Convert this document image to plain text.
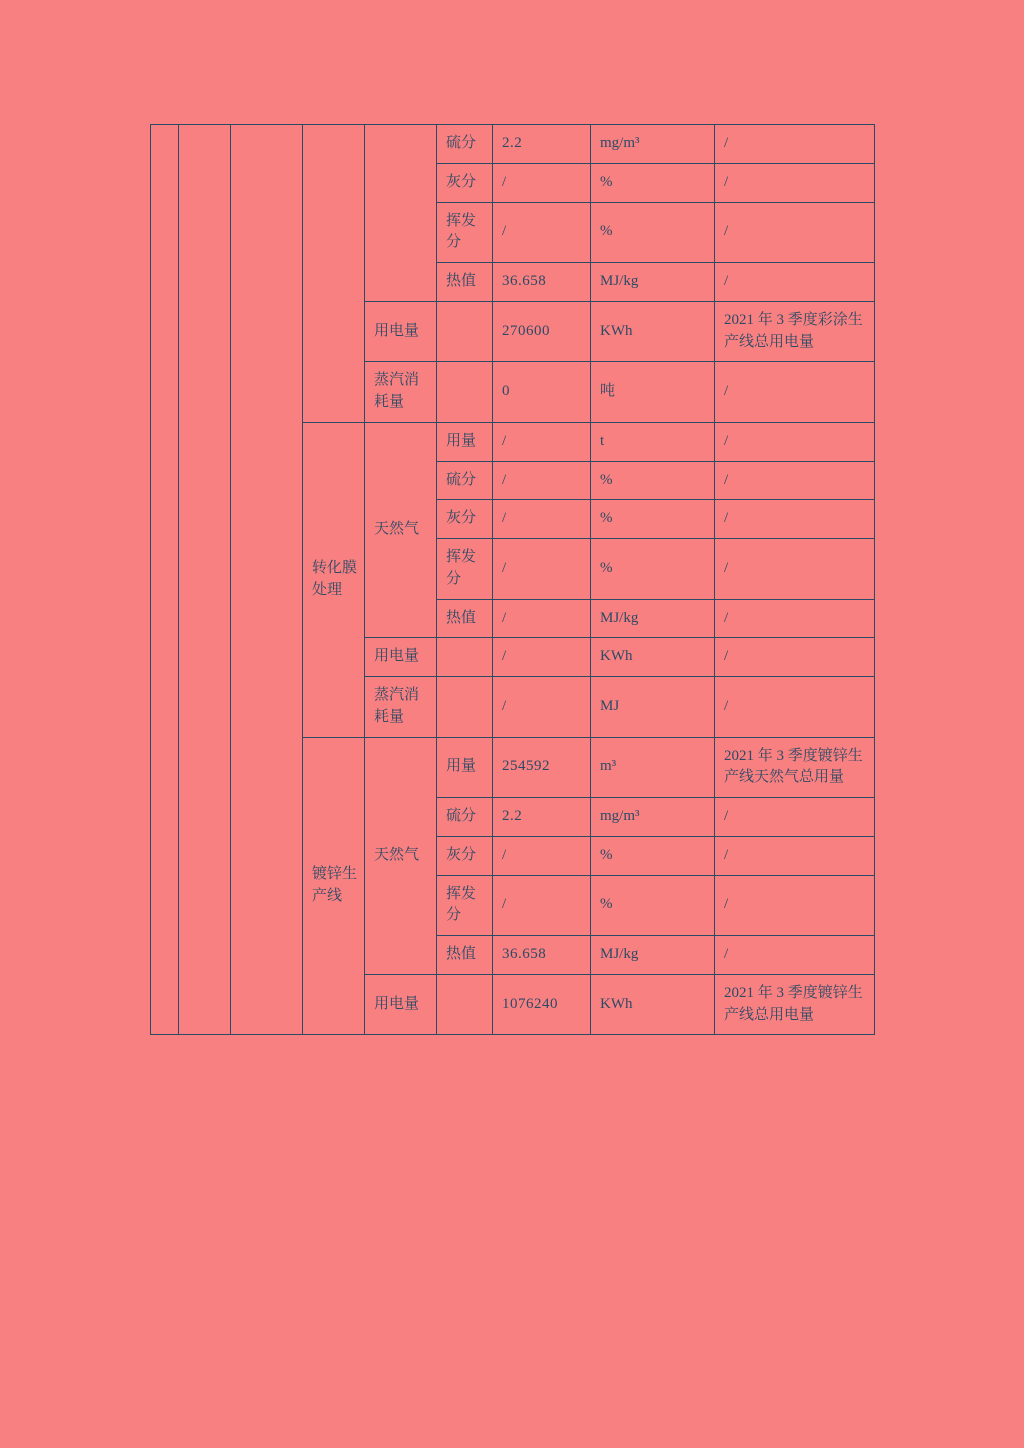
					硫分	2.2	mg/m³	/
					灰分	/	%	/
					挥发分	/	%	/
					热值	36.658	MJ/kg	/
				用电量		270600	KWh	2021 年 3 季度彩涂生产线总用电量
				蒸汽消耗量		0	吨	/
			转化膜处理	天然气	用量	/	t	/
					硫分	/	%	/
					灰分	/	%	/
					挥发分	/	%	/
					热值	/	MJ/kg	/
				用电量		/	KWh	/
				蒸汽消耗量		/	MJ	/
			镀锌生产线	天然气	用量	254592	m³	2021 年 3 季度镀锌生产线天然气总用量
					硫分	2.2	mg/m³	/
					灰分	/	%	/
					挥发分	/	%	/
					热值	36.658	MJ/kg	/
				用电量		1076240	KWh	2021 年 3 季度镀锌生产线总用电量
